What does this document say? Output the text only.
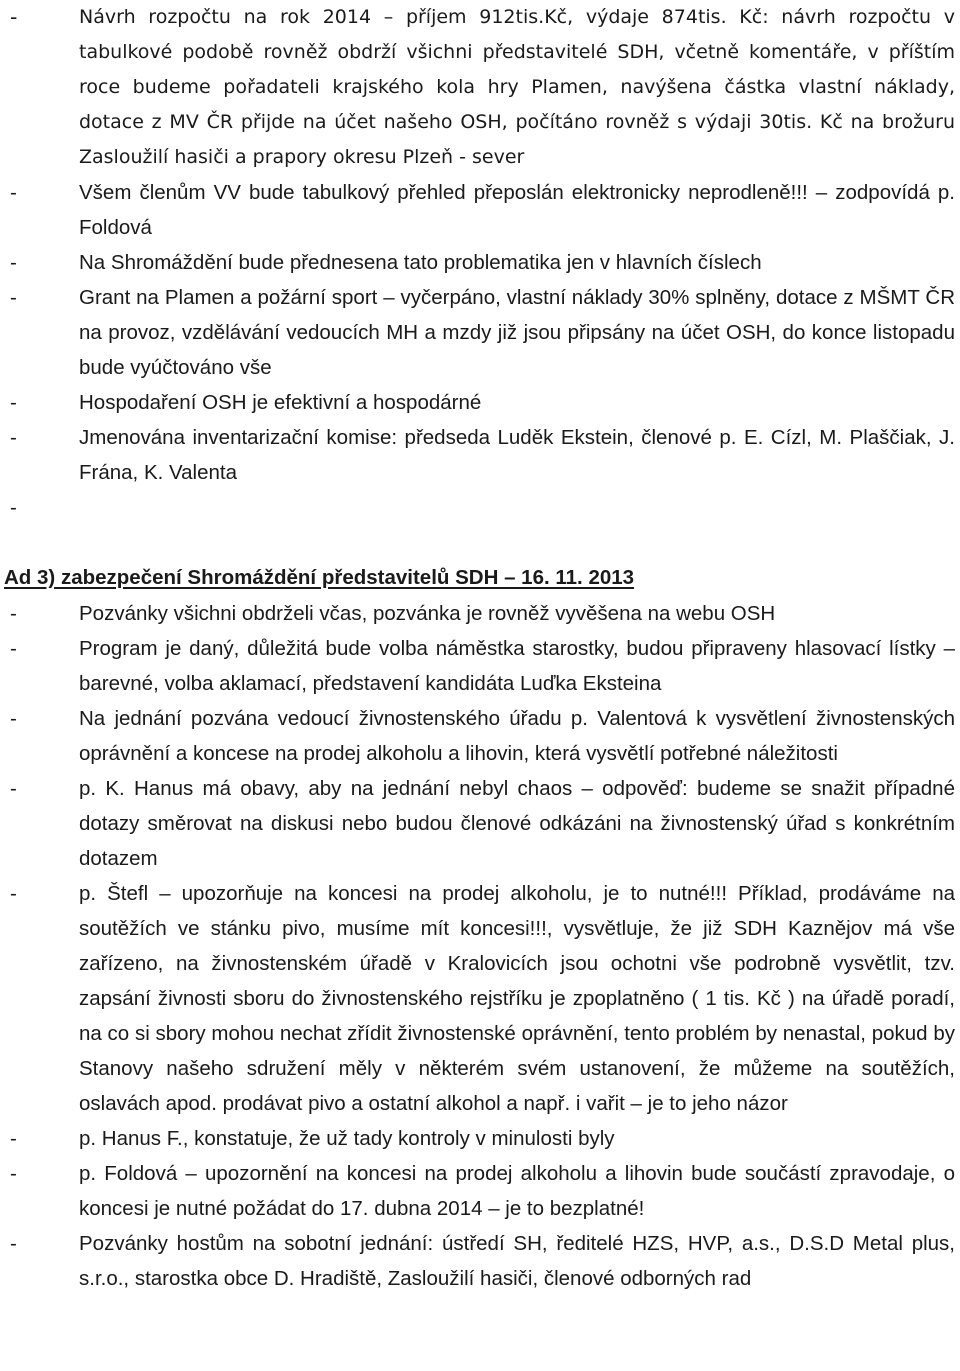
-	Návrh rozpočtu na rok 2014 – příjem 912tis.Kč, výdaje 874tis. Kč: návrh rozpočtu v tabulkové podobě rovněž obdrží všichni představitelé SDH, včetně komentáře, v příštím roce budeme pořadateli krajského kola hry Plamen, navýšena částka vlastní náklady, dotace z MV ČR přijde na účet našeho OSH, počítáno rovněž s výdaji 30tis. Kč na brožuru Zasloužilí hasiči a prapory okresu Plzeň - sever
-	Všem členům VV bude tabulkový přehled přeposlán elektronicky neprodleně!!! – zodpovídá p. Foldová
-	Na Shromáždění bude přednesena tato problematika jen v hlavních číslech
-	Grant na Plamen a požární sport – vyčerpáno, vlastní náklady 30% splněny, dotace z MŠMT ČR na provoz, vzdělávání vedoucích MH a mzdy již jsou připsány na účet OSH, do konce listopadu bude vyúčtováno vše
-	Hospodaření OSH je efektivní a hospodárné
-	Jmenována inventarizační komise: předseda Luděk Ekstein, členové p. E. Cízl, M. Plaščiak, J. Frána, K. Valenta
-
Ad 3) zabezpečení Shromáždění představitelů SDH – 16. 11. 2013
-	Pozvánky všichni obdrželi včas, pozvánka je rovněž vyvěšena na webu OSH
-	Program je daný, důležitá bude volba náměstka starostky, budou připraveny hlasovací lístky – barevné, volba aklamací, představení kandidáta Luďka Eksteina
-	Na jednání pozvána vedoucí živnostenského úřadu p. Valentová k vysvětlení živnostenských oprávnění a koncese na prodej alkoholu a lihovin, která vysvětlí potřebné náležitosti
-	p. K. Hanus má obavy, aby na jednání nebyl chaos – odpověď: budeme se snažit případné dotazy směrovat na diskusi nebo budou členové odkázáni na živnostenský úřad s konkrétním dotazem
-	p. Štefl – upozorňuje na koncesi na prodej alkoholu, je to nutné!!! Příklad, prodáváme na soutěžích ve stánku pivo, musíme mít koncesi!!!, vysvětluje, že již SDH Kaznějov má vše zařízeno, na živnostenském úřadě v Kralovicích jsou ochotni vše podrobně vysvětlit, tzv. zapsání živnosti sboru do živnostenského rejstříku je zpoplatněno ( 1 tis. Kč ) na úřadě poradí, na co si sbory mohou nechat zřídit živnostenské oprávnění, tento problém by nenastal, pokud by Stanovy našeho sdružení měly v některém svém ustanovení, že můžeme na soutěžích, oslavách apod. prodávat pivo a ostatní alkohol a např. i vařit – je to jeho názor
-	p. Hanus F., konstatuje, že už tady kontroly v minulosti byly
-	p. Foldová – upozornění na koncesi na prodej alkoholu a lihovin bude součástí zpravodaje, o koncesi je nutné požádat do 17. dubna 2014 – je to bezplatné!
-	Pozvánky hostům na sobotní jednání: ústředí SH, ředitelé HZS, HVP, a.s., D.S.D Metal plus, s.r.o., starostka obce D. Hradiště, Zasloužilí hasiči, členové odborných rad
